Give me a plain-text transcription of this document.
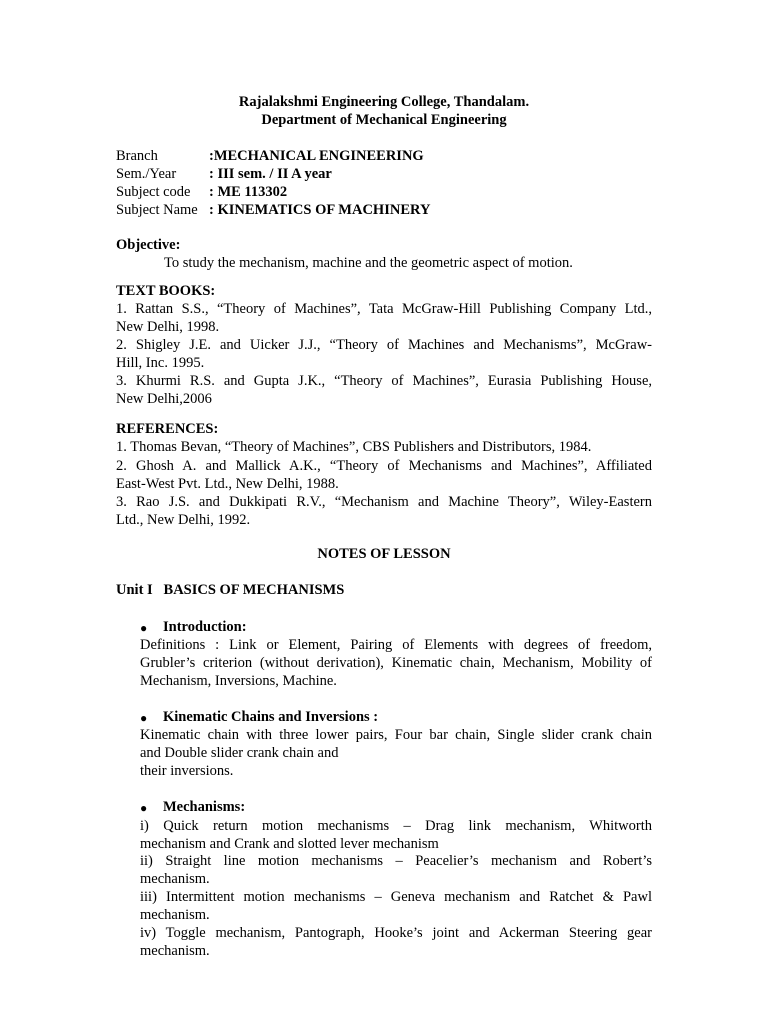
Rajalakshmi Engineering College, Thandalam.
Department of Mechanical Engineering
Branch	:MECHANICAL ENGINEERING
Sem./Year : III sem. / II A year
Subject code : ME 113302
Subject Name : KINEMATICS OF MACHINERY
Objective:
To study the mechanism, machine and the geometric aspect of motion.
TEXT BOOKS:
1. Rattan S.S., “Theory of Machines”, Tata McGraw-Hill Publishing Company Ltd.,
New Delhi, 1998.
2. Shigley J.E. and Uicker J.J., “Theory of Machines and Mechanisms”, McGraw-
Hill, Inc. 1995.
3. Khurmi R.S. and Gupta J.K., “Theory of Machines”, Eurasia Publishing House,
New Delhi,2006
REFERENCES:
1. Thomas Bevan, “Theory of Machines”, CBS Publishers and Distributors, 1984.
2. Ghosh A. and Mallick A.K., “Theory of Mechanisms and Machines”, Affiliated
East-West Pvt. Ltd., New Delhi, 1988.
3. Rao J.S. and Dukkipati R.V., “Mechanism and Machine Theory”, Wiley-Eastern
Ltd., New Delhi, 1992.
NOTES OF LESSON
Unit I   BASICS OF MECHANISMS
● Introduction:
Definitions : Link or Element, Pairing of Elements with degrees of freedom,
Grubler’s criterion (without derivation), Kinematic chain, Mechanism, Mobility of
Mechanism, Inversions, Machine.
● Kinematic Chains and Inversions :
Kinematic chain with three lower pairs, Four bar chain, Single slider crank chain
and Double slider crank chain and
their inversions.
● Mechanisms:
i) Quick return motion mechanisms – Drag link mechanism, Whitworth
mechanism and Crank and slotted lever mechanism
ii) Straight line motion mechanisms – Peacelier’s mechanism and Robert’s
mechanism.
iii) Intermittent motion mechanisms – Geneva mechanism and Ratchet & Pawl
mechanism.
iv) Toggle mechanism, Pantograph, Hooke’s joint and Ackerman Steering gear
mechanism.
